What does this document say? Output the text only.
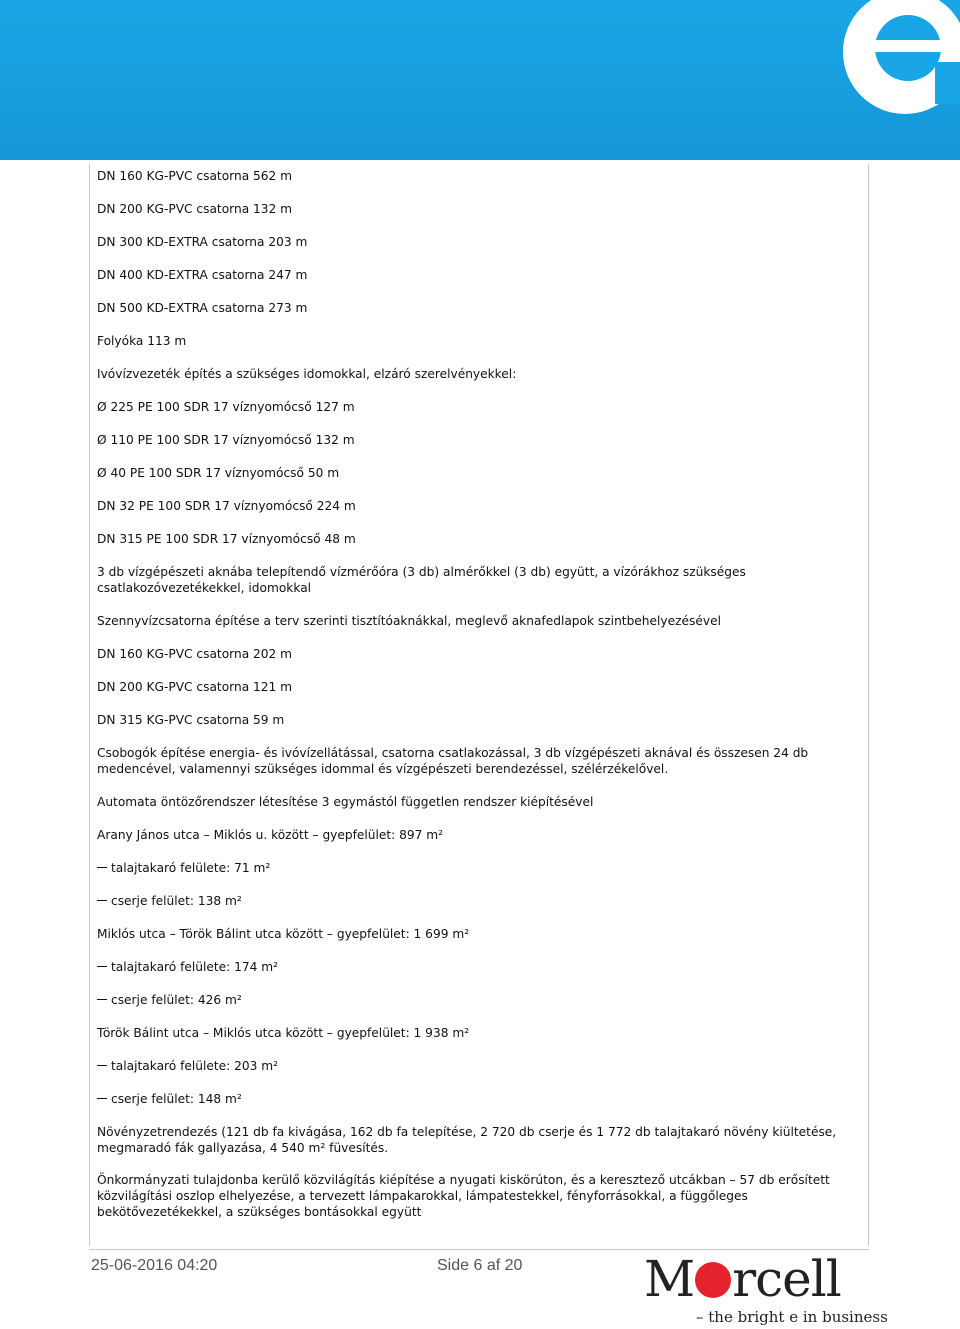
DN 160 KG-PVC csatorna 562 m
DN 200 KG-PVC csatorna 132 m
DN 300 KD-EXTRA csatorna 203 m
DN 400 KD-EXTRA csatorna 247 m
DN 500 KD-EXTRA csatorna 273 m
Folyóka 113 m
Ivóvízvezeték építés a szükséges idomokkal, elzáró szerelvényekkel:
Ø 225 PE 100 SDR 17 víznyomócső 127 m
Ø 110 PE 100 SDR 17 víznyomócső 132 m
Ø 40 PE 100 SDR 17 víznyomócső 50 m
DN 32 PE 100 SDR 17 víznyomócső 224 m
DN 315 PE 100 SDR 17 víznyomócső 48 m
3 db vízgépészeti aknába telepítendő vízmérőóra (3 db) almérőkkel (3 db) együtt, a vízórákhoz szükséges csatlakozóvezetékekkel, idomokkal
Szennyvízcsatorna építése a terv szerinti tisztítóaknákkal, meglevő aknafedlapok szintbehelyezésével
DN 160 KG-PVC csatorna 202 m
DN 200 KG-PVC csatorna 121 m
DN 315 KG-PVC csatorna 59 m
Csobogók építése energia- és ivóvízellátással, csatorna csatlakozással, 3 db vízgépészeti aknával és összesen 24 db medencével, valamennyi szükséges idommal és vízgépészeti berendezéssel, szélérzékelővel.
Automata öntözőrendszer létesítése 3 egymástól független rendszer kiépítésével
Arany János utca – Miklós u. között – gyepfelület: 897 m²
talajtakaró felülete: 71 m²
cserje felület: 138 m²
Miklós utca – Török Bálint utca között – gyepfelület: 1 699 m²
talajtakaró felülete: 174 m²
cserje felület: 426 m²
Török Bálint utca – Miklós utca között – gyepfelület: 1 938 m²
talajtakaró felülete: 203 m²
cserje felület: 148 m²
Növényzetrendezés (121 db fa kivágása, 162 db fa telepítése, 2 720 db cserje és 1 772 db talajtakaró növény kiültetése, megmaradó fák gallyazása, 4 540 m² füvesítés.
Önkormányzati tulajdonba kerülő közvilágítás kiépítése a nyugati kiskörúton, és a keresztező utcákban – 57 db erősített közvilágítási oszlop elhelyezése, a tervezett lámpakarokkal, lámpatestekkel, fényforrásokkal, a függőleges bekötővezetékekkel, a szükséges bontásokkal együtt
25-06-2016 04:20	Side 6 af 20 M rcell
– the bright e in business
